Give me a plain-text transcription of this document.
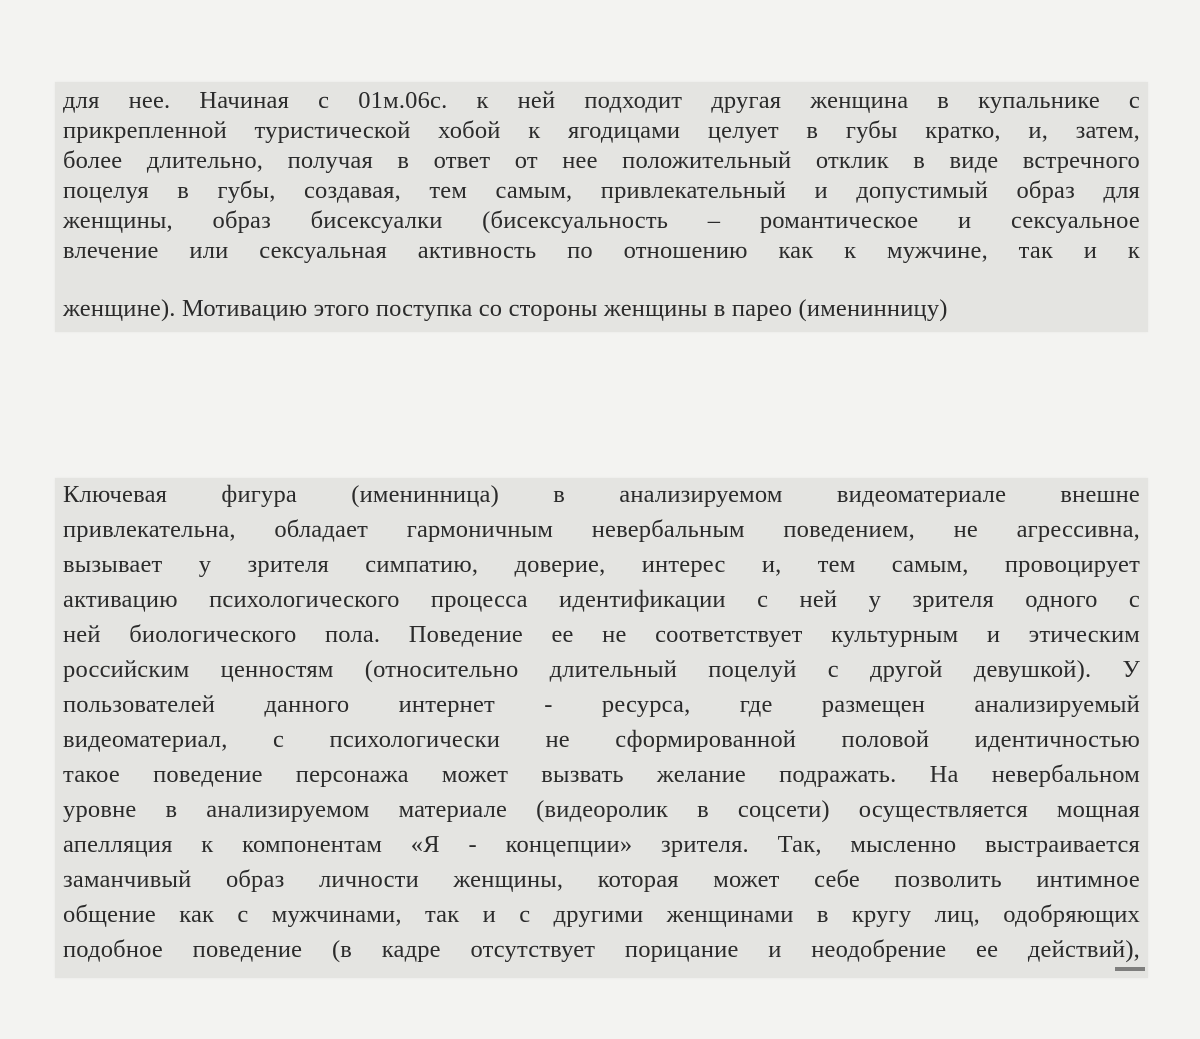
для нее. Начиная с 01м.06с. к ней подходит другая женщина в купальнике с
прикрепленной туристической хобой к ягодицами целует в губы кратко, и, затем,
более длительно, получая в ответ от нее положительный отклик в виде встречного
поцелуя в губы, создавая, тем самым, привлекательный и допустимый образ для
женщины, образ бисексуалки (бисексуальность – романтическое и сексуальное
влечение или сексуальная активность по отношению как к мужчине, так и к
женщине). Мотивацию этого поступка со стороны женщины в парео (именинницу)
Ключевая фигура (именинница) в анализируемом видеоматериале внешне
привлекательна, обладает гармоничным невербальным поведением, не агрессивна,
вызывает у зрителя симпатию, доверие, интерес и, тем самым, провоцирует
активацию психологического процесса идентификации с ней у зрителя одного с
ней биологического пола. Поведение ее не соответствует культурным и этическим
российским ценностям (относительно длительный поцелуй с другой девушкой). У
пользователей данного интернет - ресурса, где размещен анализируемый
видеоматериал, с психологически не сформированной половой идентичностью
такое поведение персонажа может вызвать желание подражать. На невербальном
уровне в анализируемом материале (видеоролик в соцсети) осуществляется мощная
апелляция к компонентам «Я - концепции» зрителя. Так, мысленно выстраивается
заманчивый образ личности женщины, которая может себе позволить интимное
общение как с мужчинами, так и с другими женщинами в кругу лиц, одобряющих
подобное поведение (в кадре отсутствует порицание и неодобрение ее действий),
